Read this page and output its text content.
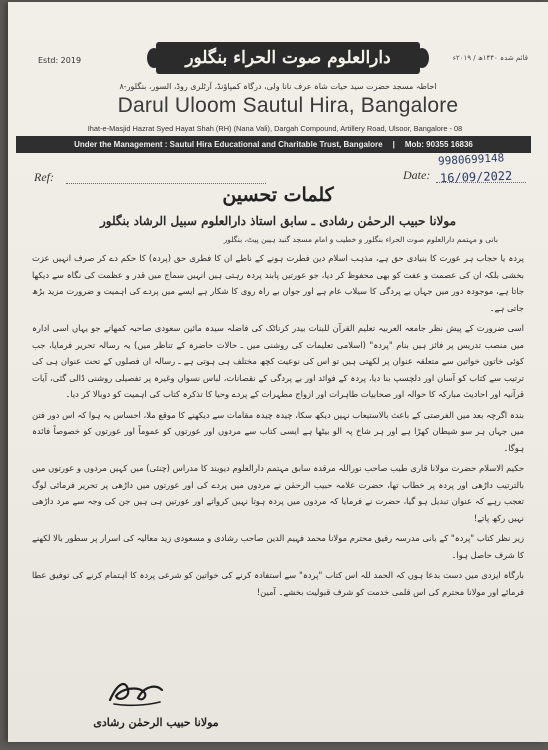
Estd: 2019	قائم شدہ ۱۴۴۰ھ / ۲۰۱۹ء
دارالعلوم صوت الحراء بنگلور
احاطہ مسجد حضرت سید حیات شاہ عرف نانا ولی، درگاہ کمپاؤنڈ، آرٹلری روڈ، السور، بنگلور-۸
Darul Uloom Sautul Hira, Bangalore
Ihat-e-Masjid Hazrat Syed Hayat Shah (RH) (Nana Vali), Dargah Compound, Artillery Road, Ulsoor, Bangalore - 08
Under the Management : Sautul Hira Educational and Charitable Trust, Bangalore | Mob: 90355 16836
Ref:
9980699148
Date: 16/09/2022
کلمات تحسین
مولانا حبیب الرحمٰن رشادی ـ سابق استاذ دارالعلوم سبیل الرشاد بنگلور
بانی و مہتمم دارالعلوم صوت الحراء بنگلور و خطیب و امام مسجد گنبد ہیبن پیٹ، بنگلور

پردہ یا حجاب ہر عورت کا بنیادی حق ہے، مذہب اسلام دین فطرت ہونے کے ناطے ان کا فطری حق (پردہ) کا حکم دے کر صرف انہیں عزت بخشی بلکہ ان کی عصمت و عفت کو بھی محفوظ کر دیا، جو عورتیں پابند پردہ رہتی ہیں انہیں سماج میں قدر و عظمت کی نگاہ سے دیکھا جاتا ہے، موجودہ دور میں جہاں بے پردگی کا سیلاب عام ہے اور جوان بے راہ روی کا شکار ہے ایسے میں پردے کی اہمیت و ضرورت مزید بڑھ جاتی ہے۔

اسی ضرورت کے پیش نظر جامعہ العربیہ تعلیم القرآن للبنات بیدر کرناٹک کی فاضلہ سیدہ مائین سعودی صاحبہ کمھاتے جو یہاں اسی ادارہ میں منصب تدریس پر فائز ہیں بنام "پردہ" (اسلامی تعلیمات کی روشنی میں ـ حالات حاضرہ کے تناظر میں) یہ رسالہ تحریر فرمایا، جب کوئی خاتون خواتین سے متعلقہ عنوان پر لکھتی ہیں تو اس کی نوعیت کچھ مختلف ہی ہوتی ہے ـ رسالہ ان فصلوں کے تحت عنوان ہی کی ترتیب سے کتاب کو آسان اور دلچسپ بنا دیا، پردہ کے فوائد اور بے پردگی کے نقصانات، لباس نسواں وغیرہ پر تفصیلی روشنی ڈالی گئی، آیات قرآنیہ اور احادیث مبارکہ کا حوالہ اور صحابیات طاہرات اور ازواج مطہرات کے پردے وحیا کا تذکرہ کتاب کی اہمیت کو دوبالا کر دیا۔

بندہ اگرچہ بعد میں الفرصتی کے باعث بالاستیعاب نہیں دیکھ سکا، چیدہ چیدہ مقامات سے دیکھنے کا موقع ملا، احساس یہ ہوا کہ اس دور فتن میں جہاں ہر سو شیطان کھڑا ہے اور ہر شاخ پہ الو بیٹھا ہے ایسی کتاب سے مردوں اور عورتوں کو عموماً اور عورتوں کو خصوصاً فائدہ ہوگا۔

حکیم الاسلام حضرت مولانا قاری طیب صاحب نوراللہ مرقدہ سابق مہتمم دارالعلوم دیوبند کا مدراس (چنئی) میں کہیں مردوں و عورتوں میں بالترتیب داڑھی اور پردہ پر خطاب تھا، حضرت علامہ حبیب الرحمٰن نے مردوں میں پردے کی اور عورتوں میں داڑھی پر تحریر فرمائی لوگ تعجب رہے کہ عنوان تبدیل ہو گیا، حضرت نے فرمایا کہ مردوں میں پردہ ہوتا نہیں کرواتے اور عورتیں ہی ہیں جن کی وجہ سے مرد داڑھی نہیں رکھ پاتے!

زیر نظر کتاب "پردہ" کے بانی مدرسہ رفیق محترم مولانا محمد فہیم الدین صاحب رشادی و مسعودی زید معالیہ کی اسرار پر سطور بالا لکھنے کا شرف حاصل ہوا۔

بارگاہ ایزدی میں دست بدعا ہوں کہ الحمد للہ اس کتاب "پردہ" سے استفادہ کرنے کی خواتین کو شرعی پردہ کا اہتمام کرنے کی توفیق عطا فرمائے اور مولانا محترم کی اس قلمی خدمت کو شرف قبولیت بخشے۔ آمین!

مولانا حبیب الرحمٰن رشادی
